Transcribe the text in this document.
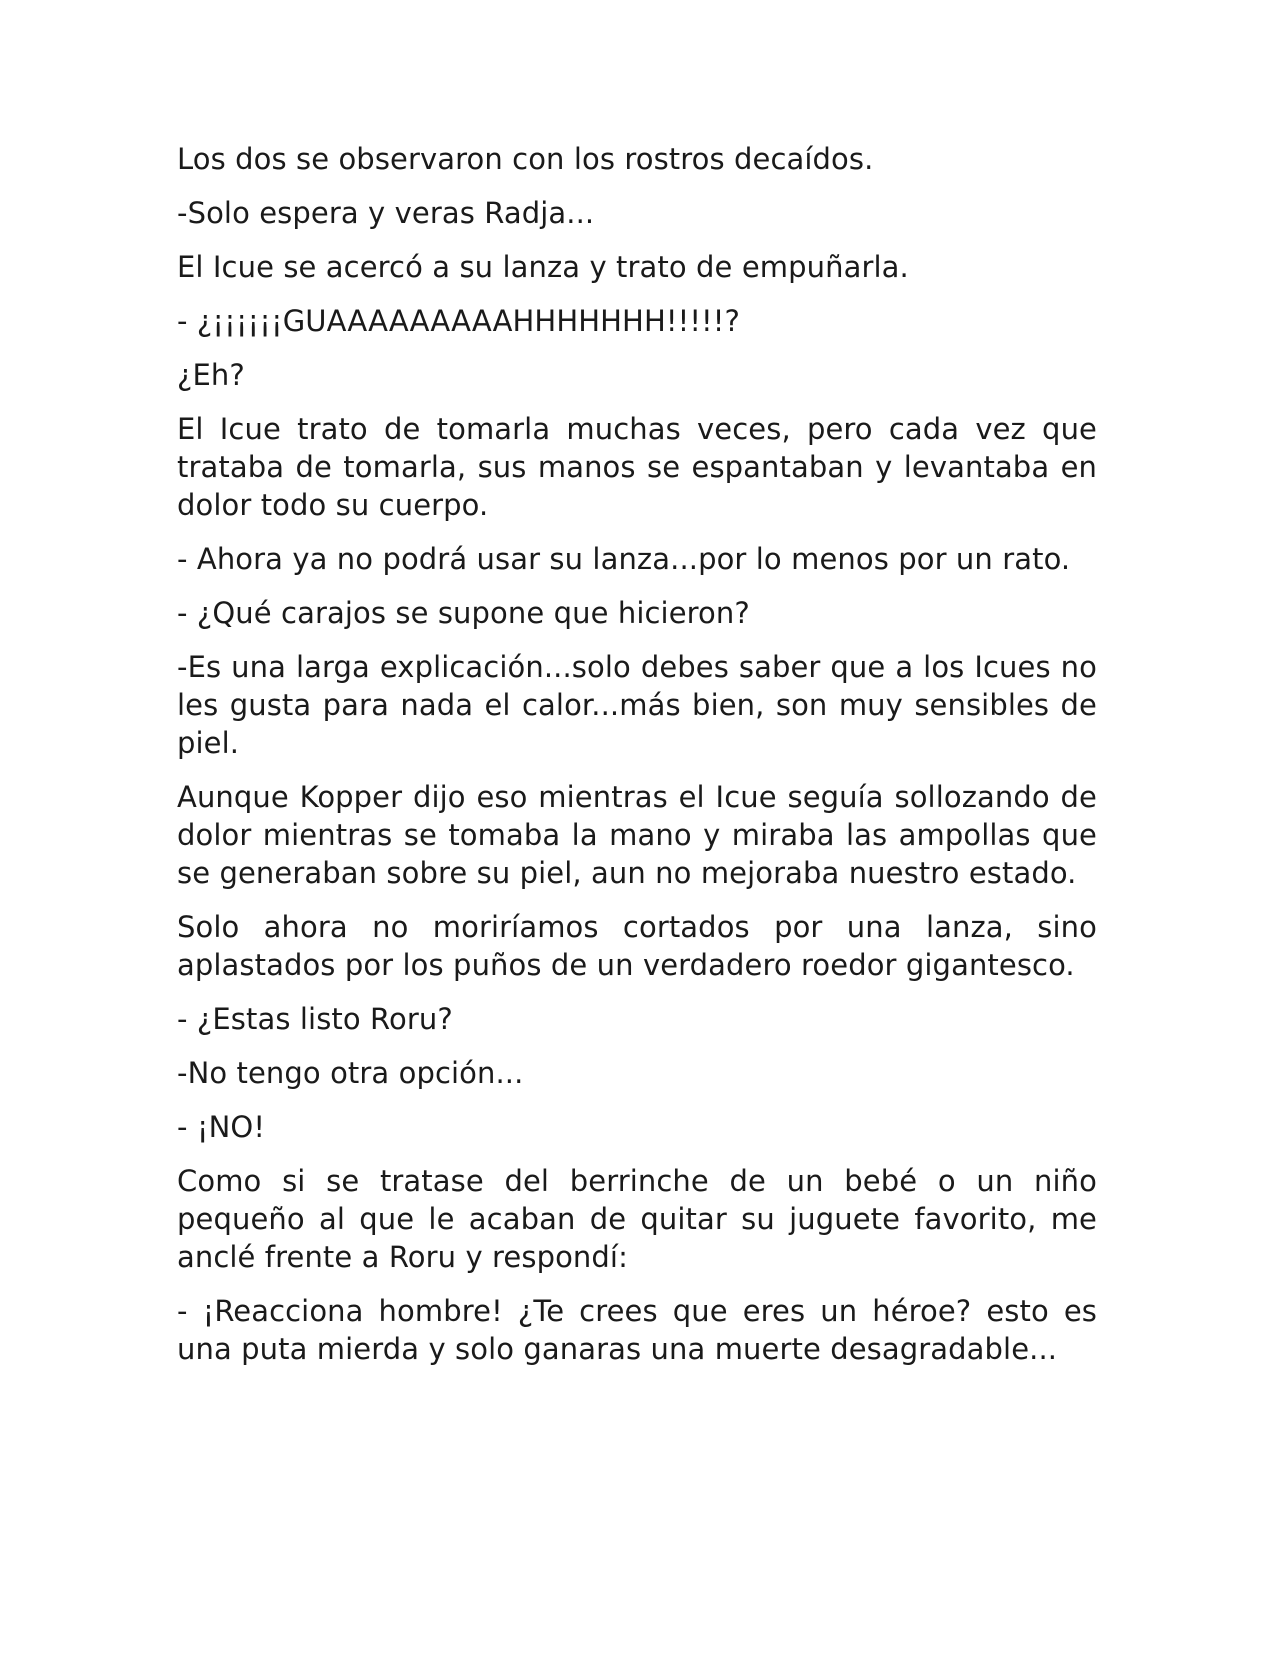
Los dos se observaron con los rostros decaídos.

-Solo espera y veras Radja...

El Icue se acercó a su lanza y trato de empuñarla.

- ¿¡¡¡¡¡¡GUAAAAAAAAAHHHHHHH!!!!!?

¿Eh?

El Icue trato de tomarla muchas veces, pero cada vez que trataba de tomarla, sus manos se espantaban y levantaba en dolor todo su cuerpo.

- Ahora ya no podrá usar su lanza...por lo menos por un rato.

- ¿Qué carajos se supone que hicieron?

-Es una larga explicación...solo debes saber que a los Icues no les gusta para nada el calor...más bien, son muy sensibles de piel.

Aunque Kopper dijo eso mientras el Icue seguía sollozando de dolor mientras se tomaba la mano y miraba las ampollas que se generaban sobre su piel, aun no mejoraba nuestro estado.

Solo ahora no moriríamos cortados por una lanza, sino aplastados por los puños de un verdadero roedor gigantesco.

- ¿Estas listo Roru?

-No tengo otra opción...

- ¡NO!

Como si se tratase del berrinche de un bebé o un niño pequeño al que le acaban de quitar su juguete favorito, me anclé frente a Roru y respondí:

- ¡Reacciona hombre! ¿Te crees que eres un héroe? esto es una puta mierda y solo ganaras una muerte desagradable...
